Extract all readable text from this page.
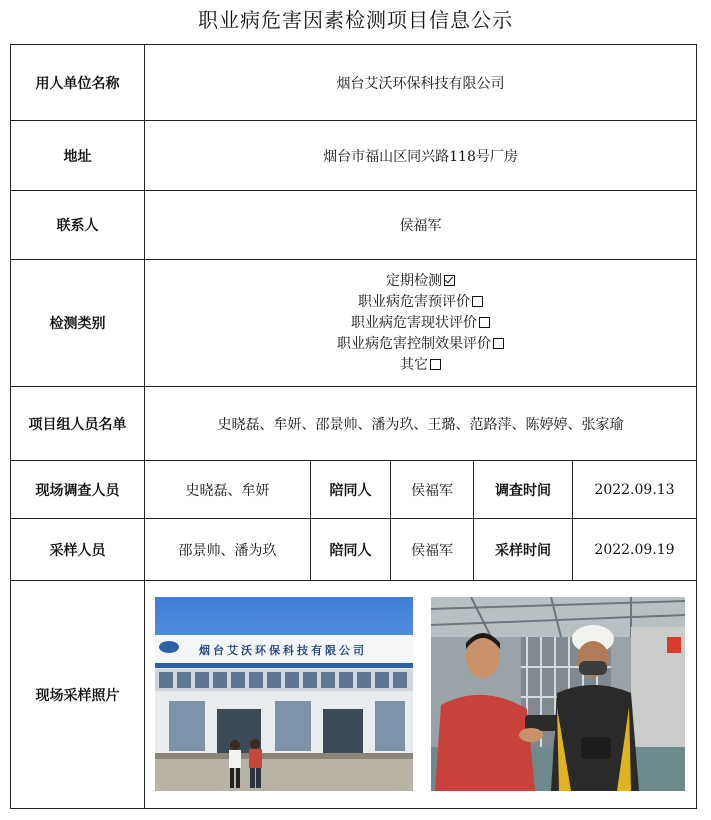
职业病危害因素检测项目信息公示
用人单位名称	烟台艾沃环保科技有限公司				
地址	烟台市福山区同兴路118号厂房				
联系人	侯福军				
检测类别	定期检测
职业病危害预评价
职业病危害现状评价
职业病危害控制效果评价
其它				

项目组人员名单	史晓磊、牟妍、邵景帅、潘为玖、王璐、范路萍、陈婷婷、张家瑜				
现场调查人员	史晓磊、牟妍	陪同人	侯福军	调查时间	2022.09.13
采样人员	邵景帅、潘为玖	陪同人	侯福军	采样时间	2022.09.19
现场采样照片	烟台艾沃环保科技有限公司				
